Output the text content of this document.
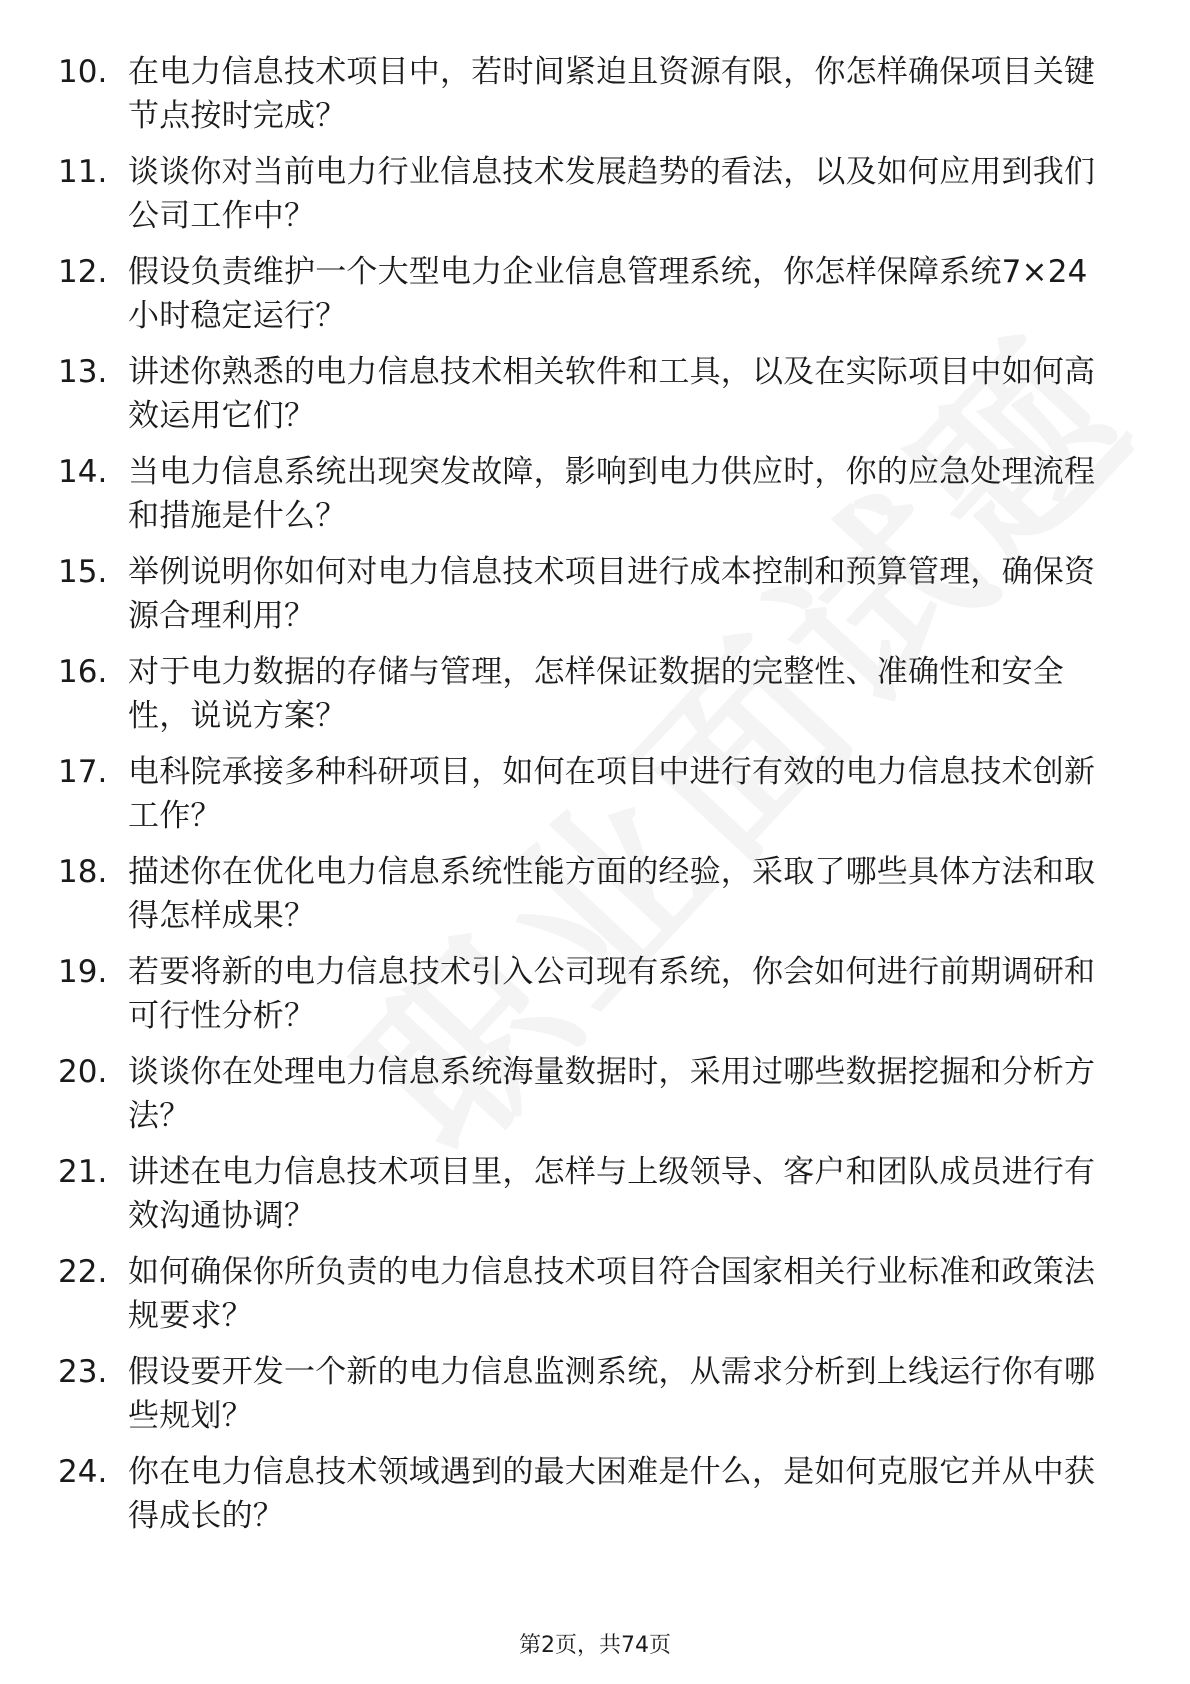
10. 在电力信息技术项目中，若时间紧迫且资源有限，你怎样确保项目关键节点按时完成？
11. 谈谈你对当前电力行业信息技术发展趋势的看法，以及如何应用到我们公司工作中？
12. 假设负责维护一个大型电力企业信息管理系统，你怎样保障系统7×24小时稳定运行？
13. 讲述你熟悉的电力信息技术相关软件和工具，以及在实际项目中如何高效运用它们？
14. 当电力信息系统出现突发故障，影响到电力供应时，你的应急处理流程和措施是什么？
15. 举例说明你如何对电力信息技术项目进行成本控制和预算管理，确保资源合理利用？
16. 对于电力数据的存储与管理，怎样保证数据的完整性、准确性和安全性，说说方案？
17. 电科院承接多种科研项目，如何在项目中进行有效的电力信息技术创新工作？
18. 描述你在优化电力信息系统性能方面的经验，采取了哪些具体方法和取得怎样成果？
19. 若要将新的电力信息技术引入公司现有系统，你会如何进行前期调研和可行性分析？
20. 谈谈你在处理电力信息系统海量数据时，采用过哪些数据挖掘和分析方法？
21. 讲述在电力信息技术项目里，怎样与上级领导、客户和团队成员进行有效沟通协调？
22. 如何确保你所负责的电力信息技术项目符合国家相关行业标准和政策法规要求？
23. 假设要开发一个新的电力信息监测系统，从需求分析到上线运行你有哪些规划？
24. 你在电力信息技术领域遇到的最大困难是什么，是如何克服它并从中获得成长的？
第2页，共74页
